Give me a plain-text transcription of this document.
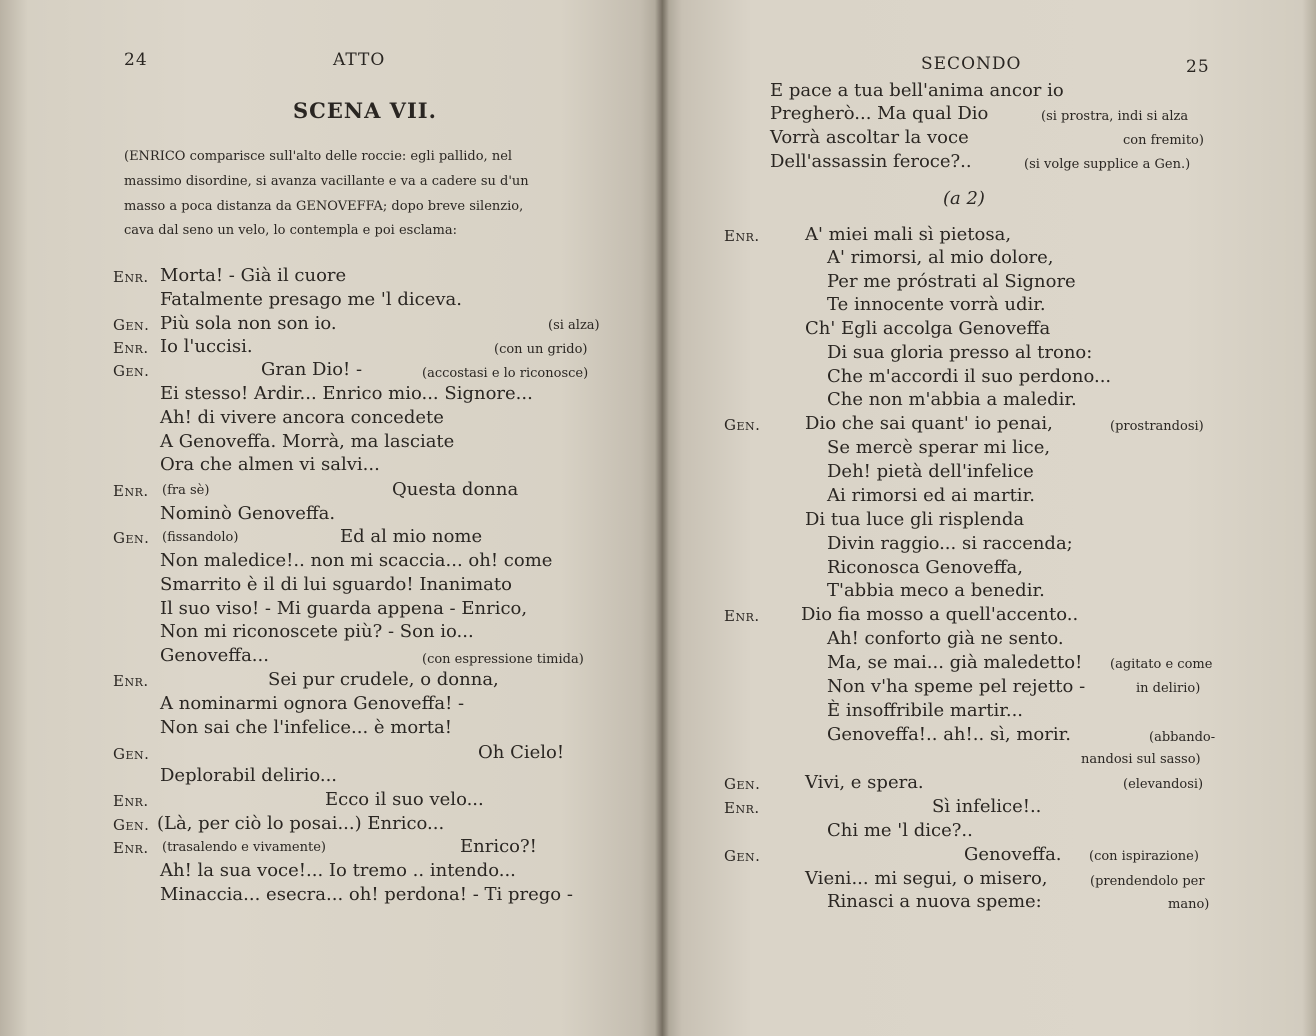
24	ATTO
SCENA VII.
(ENRICO comparisce sull'alto delle roccie: egli pallido, nel
massimo disordine, si avanza vacillante e va a cadere su d'un
masso a poca distanza da GENOVEFFA; dopo breve silenzio,
cava dal seno un velo, lo contempla e poi esclama:
Enr. Morta! - Già il cuore
Fatalmente presago me 'l diceva.
Gen. Più sola non son io.	(si alza)
Enr. Io l'uccisi.	(con un grido)
Gen.	Gran Dio! -	(accostasi e lo riconosce)
Ei stesso! Ardir... Enrico mio... Signore...
Ah! di vivere ancora concedete
A Genoveffa. Morrà, ma lasciate
Ora che almen vi salvi...
Enr. (fra sè)	Questa donna
Nominò Genoveffa.
Gen. (fissandolo)	Ed al mio nome
Non maledice!.. non mi scaccia... oh! come
Smarrito è il di lui sguardo! Inanimato
Il suo viso! - Mi guarda appena - Enrico,
Non mi riconoscete più? - Son io...
Genoveffa...	(con espressione timida)
Enr.	Sei pur crudele, o donna,
A nominarmi ognora Genoveffa! -
Non sai che l'infelice... è morta!
Gen.	Oh Cielo!
Deplorabil delirio...
Enr.	Ecco il suo velo...
Gen. (Là, per ciò lo posai...) Enrico...
Enr. (trasalendo e vivamente)	Enrico?!
Ah! la sua voce!... Io tremo .. intendo...
Minaccia... esecra... oh! perdona! - Ti prego -
SECONDO	25
E pace a tua bell'anima ancor io
Pregherò... Ma qual Dio	(si prostra, indi si alza
Vorrà ascoltar la voce	con fremito)
Dell'assassin feroce?..	(si volge supplice a Gen.)
(a 2)
Enr.	A' miei mali sì pietosa,
A' rimorsi, al mio dolore,
Per me próstrati al Signore
Te innocente vorrà udir.
Ch' Egli accolga Genoveffa
Di sua gloria presso al trono:
Che m'accordi il suo perdono...
Che non m'abbia a maledir.
Gen. Dio che sai quant' io penai,	(prostrandosi)
Se mercè sperar mi lice,
Deh! pietà dell'infelice
Ai rimorsi ed ai martir.
Di tua luce gli risplenda
Divin raggio... si raccenda;
Riconosca Genoveffa,
T'abbia meco a benedir.
Enr. Dio fia mosso a quell'accento..
Ah! conforto già ne sento.
Ma, se mai... già maledetto! (agitato e come
Non v'ha speme pel rejetto -	in delirio)
È insoffribile martir...
Genoveffa!.. ah!.. sì, morir.	(abbando-
nandosi sul sasso)
Gen. Vivi, e spera.	(elevandosi)
Enr.	Sì infelice!..
Chi me 'l dice?..
Gen.	Genoveffa. (con ispirazione)
Vieni... mi segui, o misero,	(prendendolo per
Rinasci a nuova speme:	mano)
